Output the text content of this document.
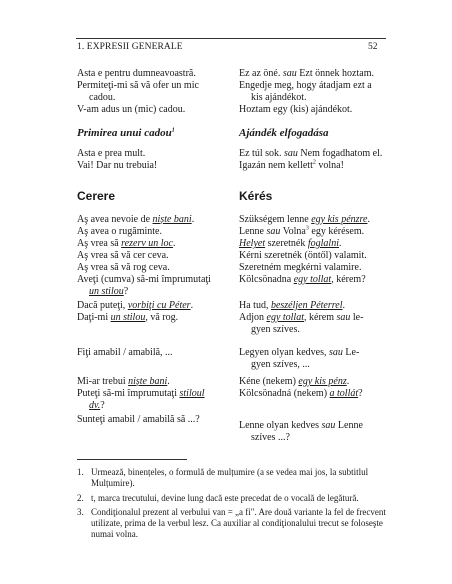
1. EXPRESII GENERALE	52
Asta e pentru dumneavoastră.
Permiteţi-mi să vă ofer un mic
cadou.
V-am adus un (mic) cadou.
Primirea unui cadou$^1$
Asta e prea mult.
Vai! Dar nu trebuia!
Cerere
Aş avea nevoie de niște bani.
Aş avea o rugăminte.
Aş vrea să rezerv un loc.
Aş vrea să vă cer ceva.
Aş vrea să vă rog ceva.
Aveţi (cumva) să-mi împrumutaţi
un stilou?
Dacă puteţi, vorbiţi cu Péter.
Daţi-mi un stilou, vă rog.
Fiţi amabil / amabilă, ...
Mi-ar trebui niște bani.
Puteţi să-mi împrumutaţi stiloul
dv.?
Sunteţi amabil / amabilă să ...?
Ez az öné. sau Ezt önnek hoztam.
Engedje meg, hogy átadjam ezt a
kis ajándékot.
Hoztam egy (kis) ajándékot.
Ajándék elfogadása
Ez túl sok. sau Nem fogadhatom el.
Igazán nem kellett$^2$ volna!
Kérés
Szükségem lenne egy kis pénzre.
Lenne sau Volna$^3$ egy kérésem.
Helyet szeretnék foglalni.
Kérni szeretnék (öntől) valamit.
Szeretném megkérni valamire.
Kölcsönadna egy tollat, kérem?
Ha tud, beszéljen Péterrel.
Adjon egy tollat, kérem sau le-
gyen szíves.
Legyen olyan kedves, sau Le-
gyen szíves, ...
Kéne (nekem) egy kis pénz.
Kölcsönadná (nekem) a tollát?
Lenne olyan kedves sau Lenne
szíves ...?
1. Urmează, binențeles, o formulă de mulțumire (a se vedea mai jos, la subtitlul Mulțumire).
2. t, marca trecutului, devine lung dacă este precedat de o vocală de legătură.
3. Condiţionalul prezent al verbului van = „a fi". Are două variante la fel de frecvent utilizate, prima de la verbul lesz. Ca auxiliar al condiţionalului trecut se foloseşte numai volna.
